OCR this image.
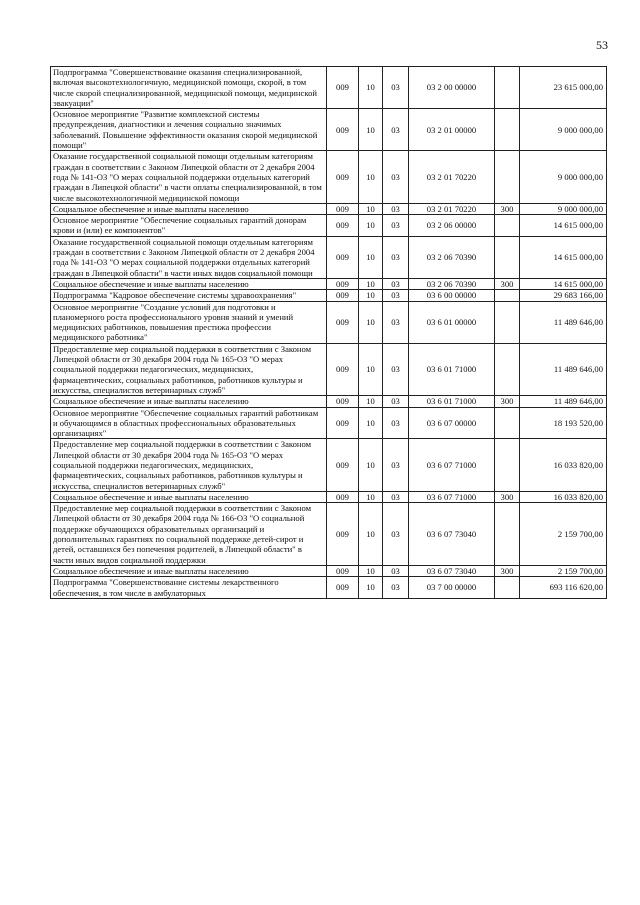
53
Подпрограмма "Совершенствование оказания специализированной, включая высокотехнологичную, медицинской помощи, скорой, в том числе скорой специализированной, медицинской помощи, медицинской эвакуации"	009	10	03	03 2 00 00000		23 615 000,00
Основное мероприятие "Развитие комплексной системы предупреждения, диагностики и лечения социально значимых заболеваний. Повышение эффективности оказания скорой медицинской помощи"	009	10	03	03 2 01 00000		9 000 000,00
Оказание государственной социальной помощи отдельным категориям граждан в соответствии с Законом Липецкой области от 2 декабря 2004 года № 141-ОЗ "О мерах социальной поддержки отдельных категорий граждан в Липецкой области" в части оплаты специализированной, в том числе высокотехнологичной медицинской помощи	009	10	03	03 2 01 70220		9 000 000,00
Социальное обеспечение и иные выплаты населению	009	10	03	03 2 01 70220	300	9 000 000,00
Основное мероприятие "Обеспечение социальных гарантий донорам крови и (или) ее компонентов"	009	10	03	03 2 06 00000		14 615 000,00
Оказание государственной социальной помощи отдельным категориям граждан в соответствии с Законом Липецкой области от 2 декабря 2004 года № 141-ОЗ "О мерах социальной поддержки отдельных категорий граждан в Липецкой области" в части иных видов социальной помощи	009	10	03	03 2 06 70390		14 615 000,00
Социальное обеспечение и иные выплаты населению	009	10	03	03 2 06 70390	300	14 615 000,00
Подпрограмма "Кадровое обеспечение системы здравоохранения"	009	10	03	03 6 00 00000		29 683 166,00
Основное мероприятие "Создание условий для подготовки и планомерного роста профессионального уровня знаний и умений медицинских работников, повышения престижа профессии медицинского работника"	009	10	03	03 6 01 00000		11 489 646,00
Предоставление мер социальной поддержки в соответствии с Законом Липецкой области от 30 декабря 2004 года № 165-ОЗ "О мерах социальной поддержки педагогических, медицинских, фармацевтических, социальных работников, работников культуры и искусства, специалистов ветеринарных служб"	009	10	03	03 6 01 71000		11 489 646,00
Социальное обеспечение и иные выплаты населению	009	10	03	03 6 01 71000	300	11 489 646,00
Основное мероприятие "Обеспечение социальных гарантий работникам и обучающимся в областных профессиональных образовательных организациях"	009	10	03	03 6 07 00000		18 193 520,00
Предоставление мер социальной поддержки в соответствии с Законом Липецкой области от 30 декабря 2004 года № 165-ОЗ "О мерах социальной поддержки педагогических, медицинских, фармацевтических, социальных работников, работников культуры и искусства, специалистов ветеринарных служб"	009	10	03	03 6 07 71000		16 033 820,00
Социальное обеспечение и иные выплаты населению	009	10	03	03 6 07 71000	300	16 033 820,00
Предоставление мер социальной поддержки в соответствии с Законом Липецкой области от 30 декабря 2004 года № 166-ОЗ "О социальной поддержке обучающихся образовательных организаций и дополнительных гарантиях по социальной поддержке детей-сирот и детей, оставшихся без попечения родителей, в Липецкой области" в части иных видов социальной поддержки	009	10	03	03 6 07 73040		2 159 700,00
Социальное обеспечение и иные выплаты населению	009	10	03	03 6 07 73040	300	2 159 700,00
Подпрограмма "Совершенствование системы лекарственного обеспечения, в том числе в амбулаторных	009	10	03	03 7 00 00000		693 116 620,00
